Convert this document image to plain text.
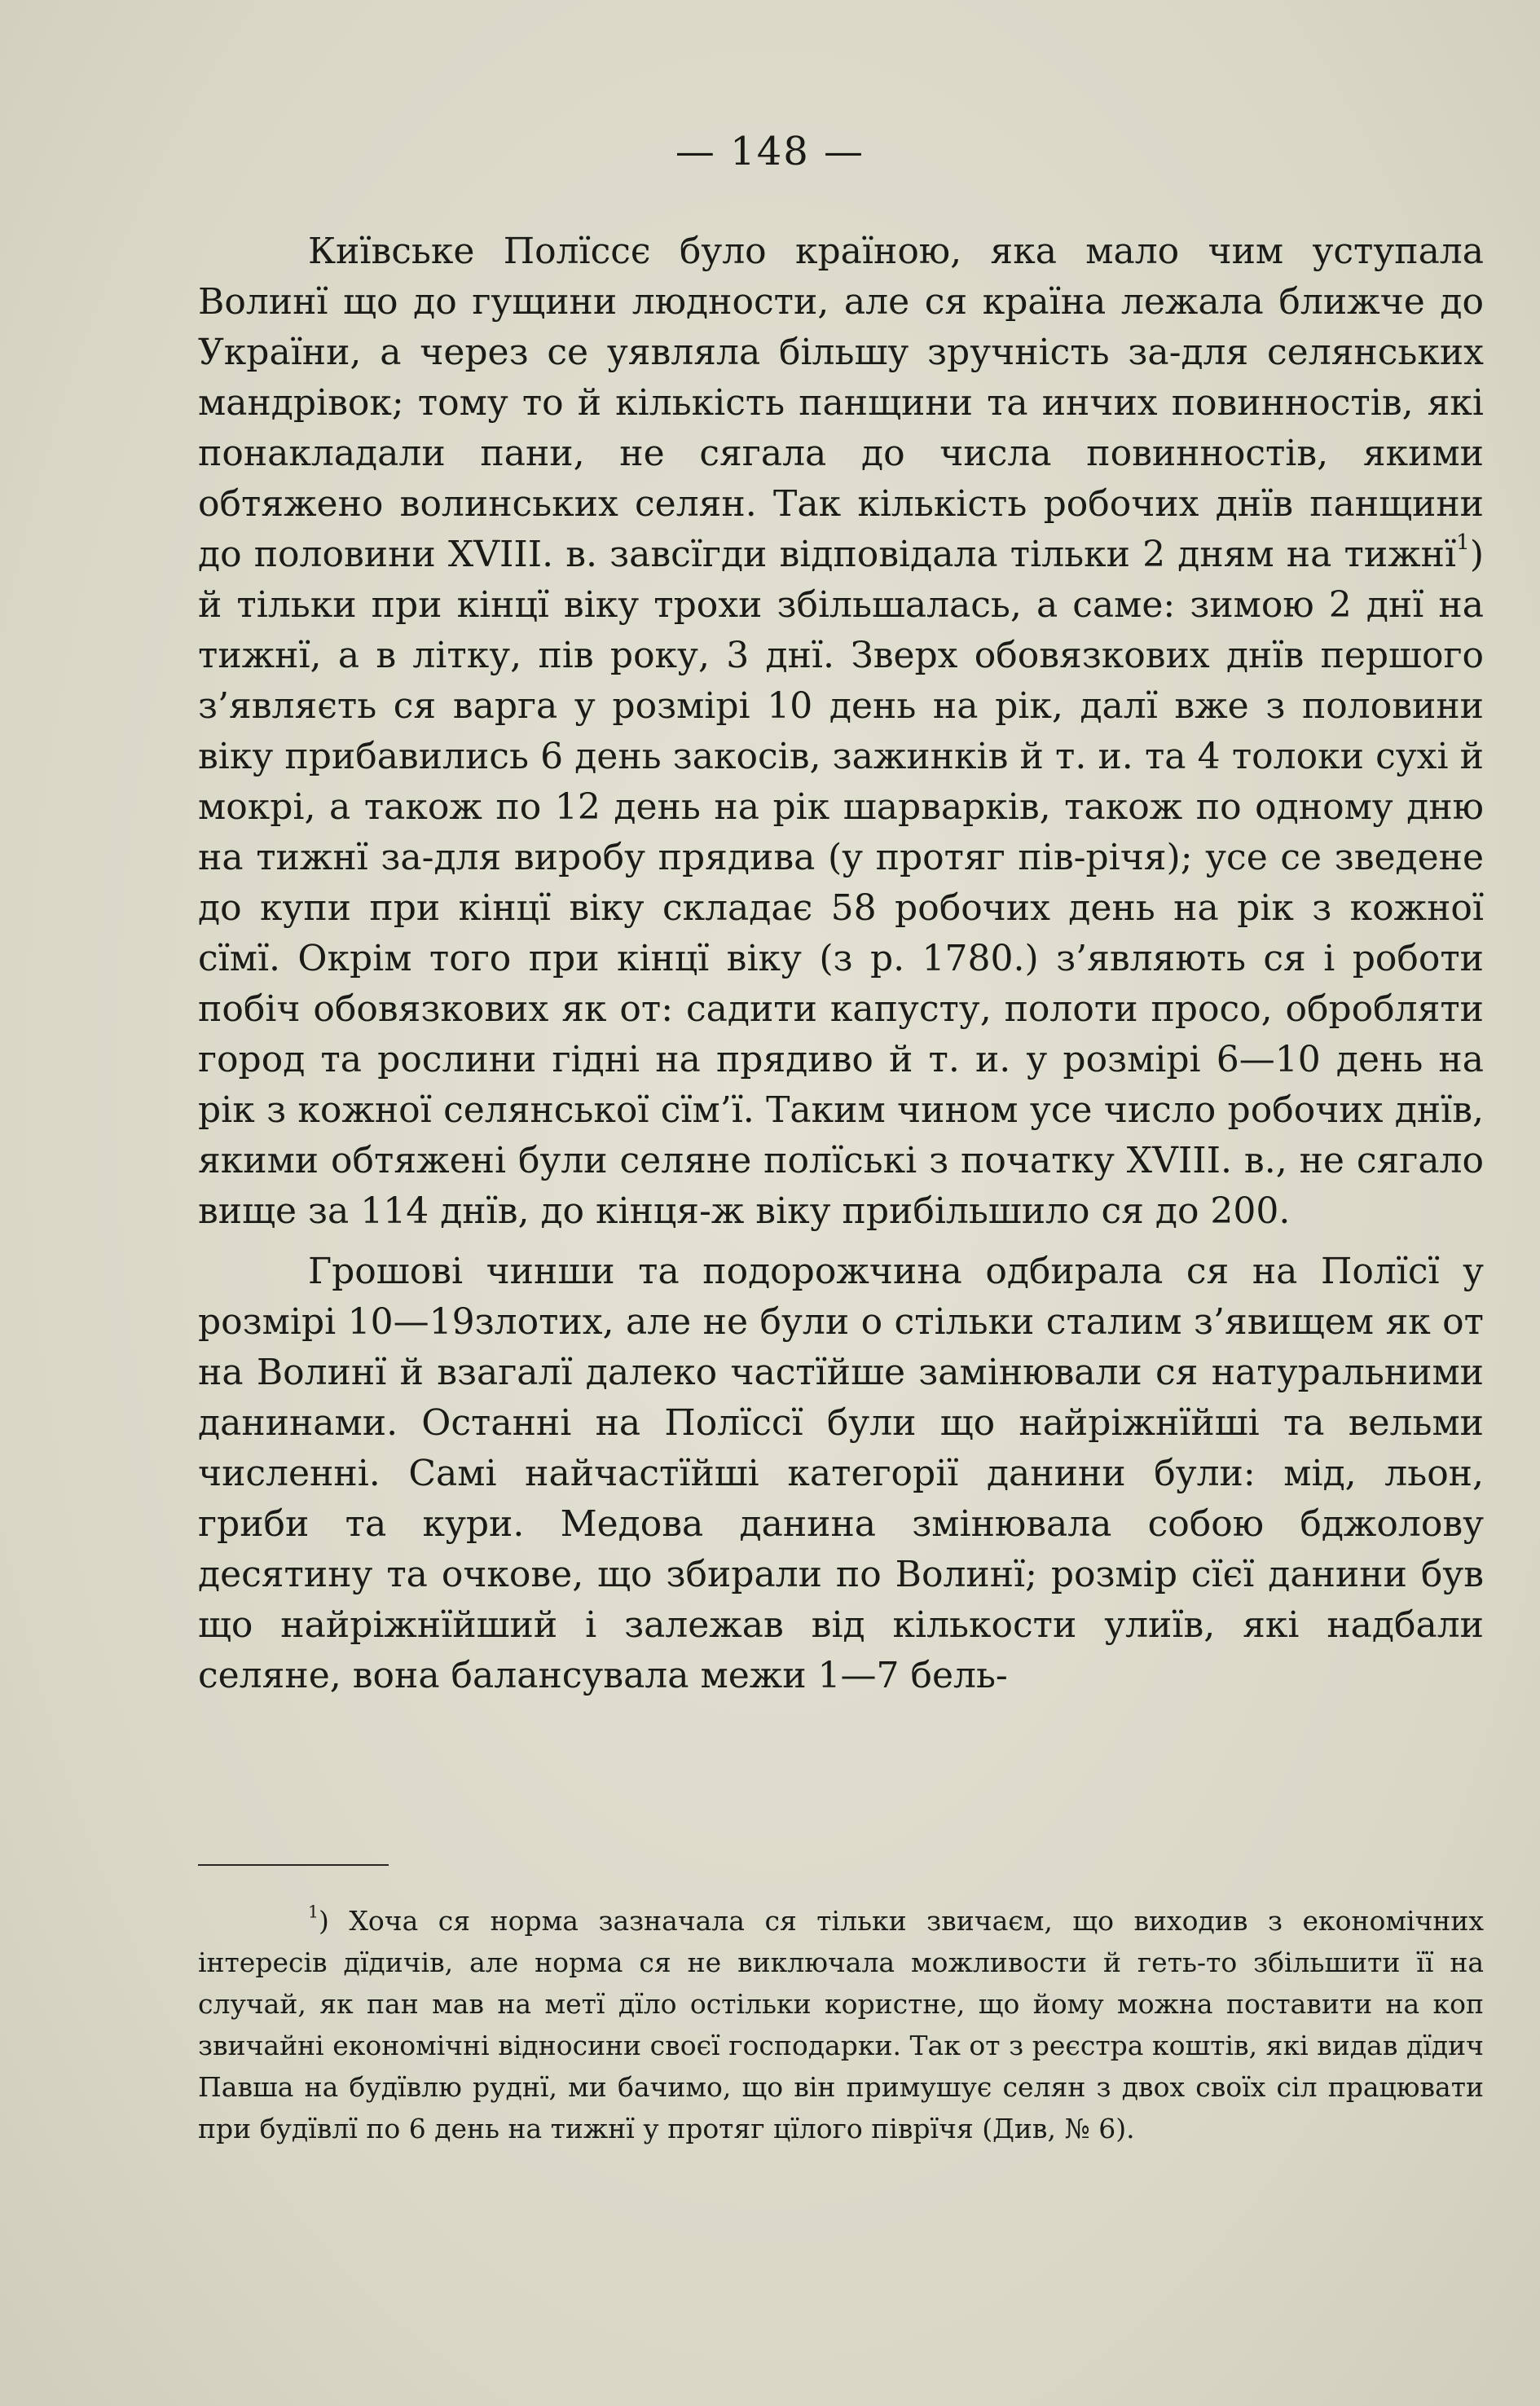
— 148 —

Київське Полїссє було країною, яка мало чим уступала Волинї що до гущини людности, але ся країна лежала ближче до України, а через се уявляла більшу зручність за-для селянських мандрівок; тому то й кількість панщини та инчих повинностів, які понакладали пани, не сягала до числа повинностів, якими обтяжено волинських селян. Так кількість робочих днїв панщини до половини XVIII. в. завсїгди відповідала тільки 2 дням на тижнї$^1$) й тільки при кінцї віку трохи збільшалась, а саме: зимою 2 днї на тижнї, а в літку, пів року, 3 днї. Зверх обовязкових днїв першого з’являєть ся варга у розмірі 10 день на рік, далї вже з половини віку прибавились 6 день закосів, зажинків й т. и. та 4 толоки сухі й мокрі, а також по 12 день на рік шарварків, також по одному дню на тижнї за-для виробу прядива (у протяг пів-річя); усе се зведене до купи при кінцї віку складає 58 робочих день на рік з кожної сїмї. Окрім того при кінцї віку (з р. 1780.) з’являють ся і роботи побіч обовязкових як от: садити капусту, полоти просо, обробляти город та рослини гідні на прядиво й т. и. у розмірі 6—10 день на рік з кожної селянської сїм’ї. Таким чином усе число робочих днїв, якими обтяжені були селяне полїські з початку XVIII. в., не сягало вище за 114 днїв, до кінця-ж віку прибільшило ся до 200.

Грошові чинши та подорожчина одбирала ся на Полїсї у розмірі 10—19злотих, але не були о стільки сталим з’явищем як от на Волинї й взагалї далеко частїйше замінювали ся натуральними данинами. Останні на Полїссї були що найріжнїйші та вельми численні. Самі найчастїйші категорії данини були: мід, льон, гриби та кури. Медова данина змінювала собою бджолову десятину та очкове, що збирали по Волинї; розмір сїєї данини був що найріжнїйший і залежав від кількости улиїв, які надбали селяне, вона балансувала межи 1—7 бель-

$^1$) Хоча ся норма зазначала ся тільки звичаєм, що виходив з економічних інтересів дїдичів, але норма ся не виключала можливости й геть-то збільшити її на случай, як пан мав на метї дїло остільки користне, що йому можна поставити на коп звичайні економічні відносини своєї господарки. Так от з реєстра коштів, які видав дїдич Павша на будївлю руднї, ми бачимо, що він примушує селян з двох своїх сіл працювати при будївлї по 6 день на тижнї у протяг цїлого піврїчя (Див, № 6).
